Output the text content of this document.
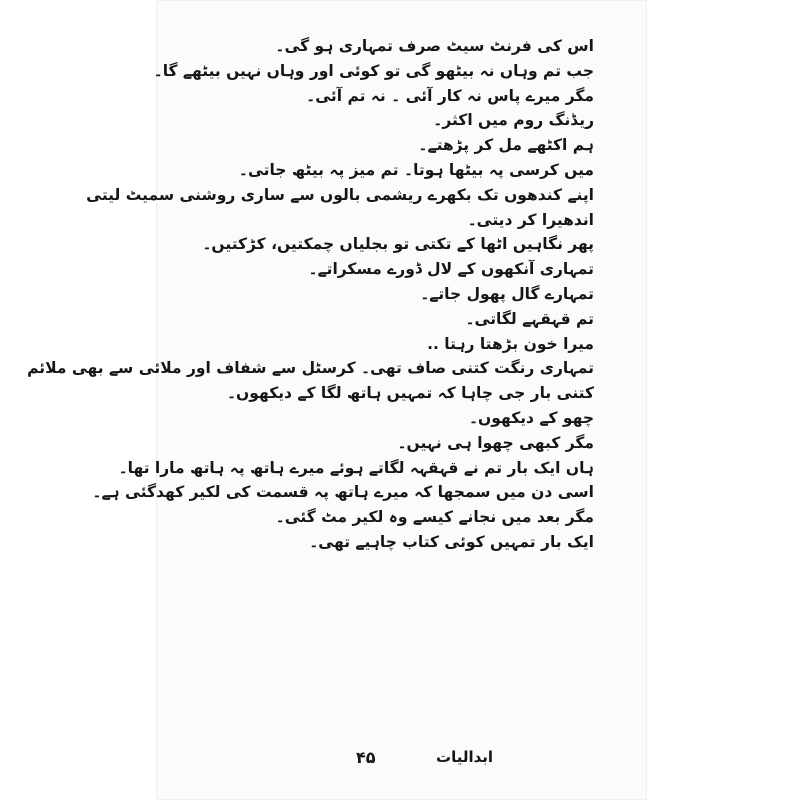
اس کی فرنٹ سیٹ صرف تمہاری ہو گی۔
جب تم وہاں نہ بیٹھو گی تو کوئی اور وہاں نہیں بیٹھے گا۔
مگر میرے پاس نہ کار آئی ۔ نہ تم آئی۔
ریڈنگ روم میں اکثر۔
ہم اکٹھے مل کر پڑھتے۔
میں کرسی پہ بیٹھا ہوتا۔ تم میز پہ بیٹھ جاتی۔
اپنے کندھوں تک بکھرے ریشمی بالوں سے ساری روشنی سمیٹ لیتی
اندھیرا کر دیتی۔
پھر نگاہیں اٹھا کے تکتی تو بجلیاں چمکتیں، کڑکتیں۔
تمہاری آنکھوں کے لال ڈورے مسکراتے۔
تمہارے گال پھول جاتے۔
تم قہقہے لگاتی۔
میرا خون بڑھتا رہتا ..
تمہاری رنگت کتنی صاف تھی۔ کرسٹل سے شفاف اور ملائی سے بھی ملائم
کتنی بار جی چاہا کہ تمہیں ہاتھ لگا کے دیکھوں۔
چھو کے دیکھوں۔
مگر کبھی چھوا ہی نہیں۔
ہاں ایک بار تم نے قہقہہ لگاتے ہوئے میرے ہاتھ پہ ہاتھ مارا تھا۔
اسی دن میں سمجھا کہ میرے ہاتھ پہ قسمت کی لکیر کھدگئی ہے۔
مگر بعد میں نجانے کیسے وہ لکیر مٹ گئی۔
ایک بار تمہیں کوئی کتاب چاہیے تھی۔
۴۵	ابدالیات
